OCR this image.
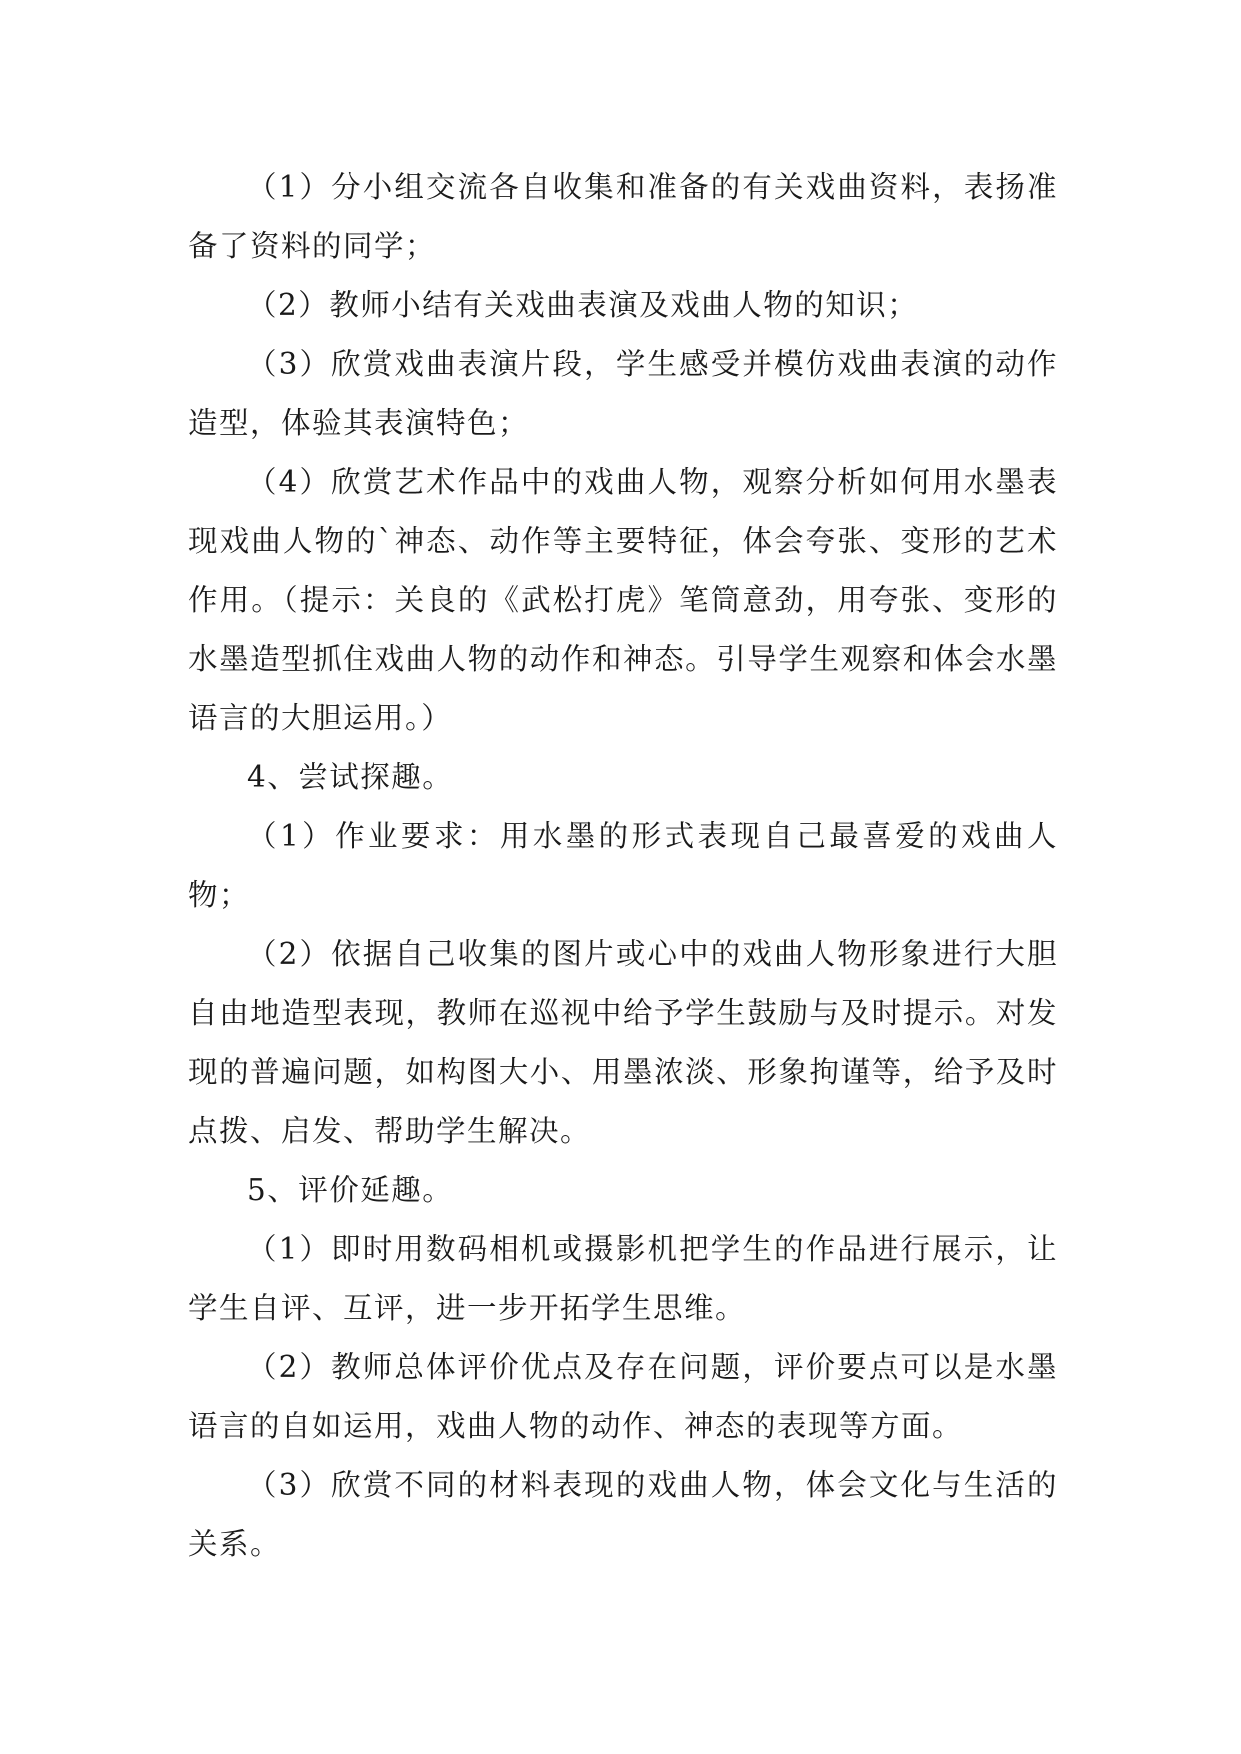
（1）分小组交流各自收集和准备的有关戏曲资料，表扬准备了资料的同学；

（2）教师小结有关戏曲表演及戏曲人物的知识；

（3）欣赏戏曲表演片段，学生感受并模仿戏曲表演的动作造型，体验其表演特色；

（4）欣赏艺术作品中的戏曲人物，观察分析如何用水墨表现戏曲人物的`神态、动作等主要特征，体会夸张、变形的艺术作用。（提示：关良的《武松打虎》笔筒意劲，用夸张、变形的水墨造型抓住戏曲人物的动作和神态。引导学生观察和体会水墨语言的大胆运用。）

4、尝试探趣。

（1）作业要求：用水墨的形式表现自己最喜爱的戏曲人物；

（2）依据自己收集的图片或心中的戏曲人物形象进行大胆自由地造型表现，教师在巡视中给予学生鼓励与及时提示。对发现的普遍问题，如构图大小、用墨浓淡、形象拘谨等，给予及时点拨、启发、帮助学生解决。

5、评价延趣。

（1）即时用数码相机或摄影机把学生的作品进行展示，让学生自评、互评，进一步开拓学生思维。

（2）教师总体评价优点及存在问题，评价要点可以是水墨语言的自如运用，戏曲人物的动作、神态的表现等方面。

（3）欣赏不同的材料表现的戏曲人物，体会文化与生活的关系。
